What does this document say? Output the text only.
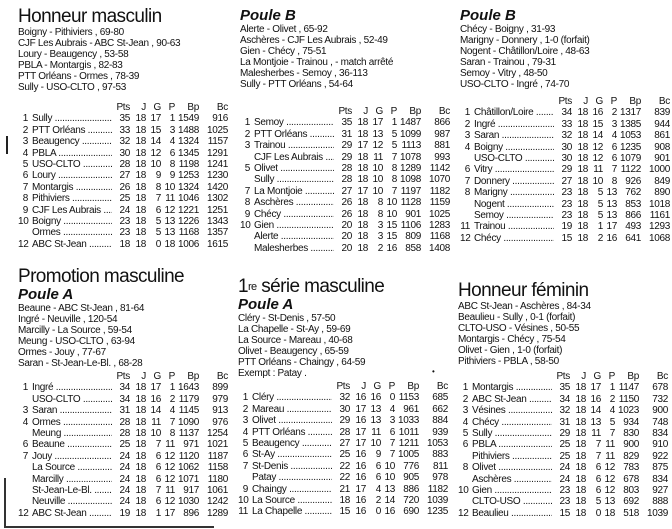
Honneur masculin
Boigny - Pithiviers , 69-80
CJF Les Aubrais - ABC St-Jean , 90-63
Loury - Beaugency , 53-58
PBLA - Montargis , 82-83
PTT Orléans - Ormes , 78-39
Sully - USO-CLTO , 97-53
		Pts	J	G	P	Bp	Bc
1	Sully .....	35	18	17	1	1549	916
2	PTT Orléans .....	33	18	15	3	1488	1025
3	Beaugency .....	32	18	14	4	1324	1157
4	PBLA .....	30	18	12	6	1345	1291
5	USO-CLTO .....	28	18	10	8	1198	1241
6	Loury .....	27	18	9	9	1253	1230
7	Montargis .....	26	18	8	10	1324	1420
8	Pithiviers .....	25	18	7	11	1046	1302
9	CJF Les Aubrais .....	24	18	6	12	1221	1251
10	Boigny .....	23	18	5	13	1226	1343

	Ormes .....	23	18	5	13	1168	1357
12	ABC St-Jean .....	18	18	0	18	1006	1615
Poule B
Alerte - Olivet , 65-92
Aschères - CJF Les Aubrais , 52-49
Gien - Chécy , 75-51
La Montjoie - Trainou , - match arrêté
Malesherbes - Semoy , 36-113
Sully - PTT Orléans , 54-64
		Pts	J	G	P	Bp	Bc
1	Semoy .....	35	18	17	1	1487	866
2	PTT Orléans .....	31	18	13	5	1099	987
3	Trainou .....	29	17	12	5	1113	881

	CJF Les Aubrais .....	29	18	11	7	1078	993
5	Olivet .....	28	18	10	8	1289	1142

	Sully .....	28	18	10	8	1098	1070
7	La Montjoie .....	27	17	10	7	1197	1182
8	Aschères .....	26	18	8	10	1128	1159
9	Chécy .....	26	18	8	10	901	1025
10	Gien .....	20	18	3	15	1106	1283

	Alerte .....	20	18	3	15	809	1168

	Malesherbes .....	20	18	2	16	858	1408
Poule B
Chécy - Boigny , 31-93
Marigny - Donnery , 1-0 (forfait)
Nogent - Châtillon/Loire , 48-63
Saran - Trainou , 79-31
Semoy - Vitry , 48-50
USO-CLTO - Ingré , 74-70
		Pts	J	G	P	Bp	Bc
1	Châtillon/Loire .....	34	18	16	2	1317	839
2	Ingré .....	33	18	15	3	1385	944
3	Saran .....	32	18	14	4	1053	861
4	Boigny .....	30	18	12	6	1235	908

	USO-CLTO .....	30	18	12	6	1079	901
6	Vitry .....	29	18	11	7	1122	1000
7	Donnery .....	27	18	10	8	926	849
8	Marigny .....	23	18	5	13	762	890

	Nogent .....	23	18	5	13	853	1018

	Semoy .....	23	18	5	13	866	1161
11	Trainou .....	19	18	1	17	493	1293
12	Chécy .....	15	18	2	16	641	1068
Promotion masculine
Poule A
Beaune - ABC St-Jean , 81-64
Ingré - Neuville , 120-54
Marcilly - La Source , 59-54
Meung - USO-CLTO , 63-94
Ormes - Jouy , 77-67
Saran - St-Jean-Le-Bl. , 68-28
		Pts	J	G	P	Bp	Bc
1	Ingré .....	34	18	17	1	1643	899

	USO-CLTO .....	34	18	16	2	1179	979
3	Saran .....	31	18	14	4	1145	913
4	Ormes .....	28	18	11	7	1090	976

	Meung .....	28	18	10	8	1137	1254
6	Beaune .....	25	18	7	11	971	1021
7	Jouy .....	24	18	6	12	1120	1187

	La Source .....	24	18	6	12	1062	1158

	Marcilly .....	24	18	6	12	1071	1180

	St-Jean-Le-Bl. .....	24	18	7	11	917	1061

	Neuville .....	24	18	6	12	1030	1242
12	ABC St-Jean .....	19	18	1	17	896	1289
1re série masculine
Poule A
Cléry - St-Denis , 57-50
La Chapelle - St-Ay , 59-69
La Source - Mareau , 40-68
Olivet - Beaugency , 65-59
PTT Orléans - Chaingy , 64-59
Exempt : Patay .
		Pts	J	G	P	Bp	Bc
1	Cléry .....	32	16	16	0	1153	685
2	Mareau .....	30	17	13	4	961	662
3	Olivet .....	29	16	13	3	1033	884
4	PTT Orléans .....	28	17	11	6	1011	939
5	Beaugency .....	27	17	10	7	1211	1053
6	St-Ay .....	25	16	9	7	1005	883
7	St-Denis .....	22	16	6	10	776	811

	Patay .....	22	16	6	10	905	978
9	Chaingy .....	21	17	4	13	886	1182
10	La Source .....	18	16	2	14	720	1039
11	La Chapelle .....	15	16	0	16	690	1235
•
Honneur féminin
ABC St-Jean - Aschères , 84-34
Beaulieu - Sully , 0-1 (forfait)
CLTO-USO - Vésines , 50-55
Montargis - Chécy , 75-54
Olivet - Gien , 1-0 (forfait)
Pithiviers - PBLA , 58-50
		Pts	J	G	P	Bp	Bc
1	Montargis .....	35	18	17	1	1147	678
2	ABC St-Jean .....	34	18	16	2	1150	732
3	Vésines .....	32	18	14	4	1023	900
4	Chécy .....	31	18	13	5	934	748
5	Sully .....	29	18	11	7	830	834
6	PBLA .....	25	18	7	11	900	910

	Pithiviers .....	25	18	7	11	829	922
8	Olivet .....	24	18	6	12	783	875

	Aschères .....	24	18	6	12	678	834
10	Gien .....	23	18	6	12	803	927

	CLTO-USO .....	23	18	5	13	692	888
12	Beaulieu .....	15	18	0	18	518	1039
